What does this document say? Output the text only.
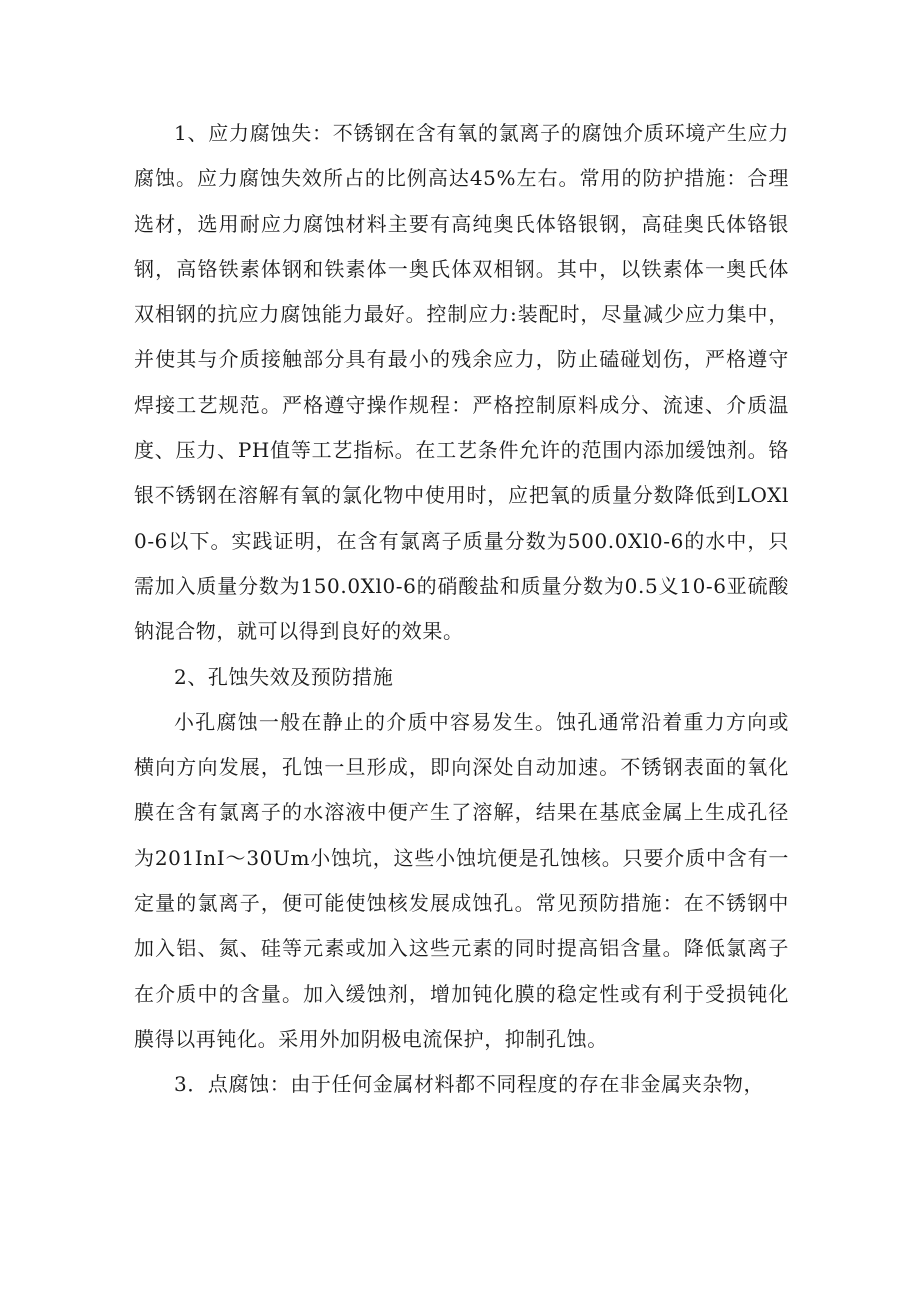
1、应力腐蚀失：不锈钢在含有氧的氯离子的腐蚀介质环境产生应力腐蚀。应力腐蚀失效所占的比例高达45%左右。常用的防护措施：合理选材，选用耐应力腐蚀材料主要有高纯奥氏体铬银钢，高硅奥氏体铬银钢，高铬铁素体钢和铁素体一奥氏体双相钢。其中，以铁素体一奥氏体双相钢的抗应力腐蚀能力最好。控制应力:装配时，尽量减少应力集中，并使其与介质接触部分具有最小的残余应力，防止磕碰划伤，严格遵守焊接工艺规范。严格遵守操作规程：严格控制原料成分、流速、介质温度、压力、PH值等工艺指标。在工艺条件允许的范围内添加缓蚀剂。铬银不锈钢在溶解有氧的氯化物中使用时，应把氧的质量分数降低到LOXl0-6以下。实践证明，在含有氯离子质量分数为500.0Xl0-6的水中，只需加入质量分数为150.0Xl0-6的硝酸盐和质量分数为0.5义10-6亚硫酸钠混合物，就可以得到良好的效果。

2、孔蚀失效及预防措施

小孔腐蚀一般在静止的介质中容易发生。蚀孔通常沿着重力方向或横向方向发展，孔蚀一旦形成，即向深处自动加速。不锈钢表面的氧化膜在含有氯离子的水溶液中便产生了溶解，结果在基底金属上生成孔径为201InI～30Um小蚀坑，这些小蚀坑便是孔蚀核。只要介质中含有一定量的氯离子，便可能使蚀核发展成蚀孔。常见预防措施：在不锈钢中加入铝、氮、硅等元素或加入这些元素的同时提高铝含量。降低氯离子在介质中的含量。加入缓蚀剂，增加钝化膜的稳定性或有利于受损钝化膜得以再钝化。采用外加阴极电流保护，抑制孔蚀。

3．点腐蚀：由于任何金属材料都不同程度的存在非金属夹杂物，
